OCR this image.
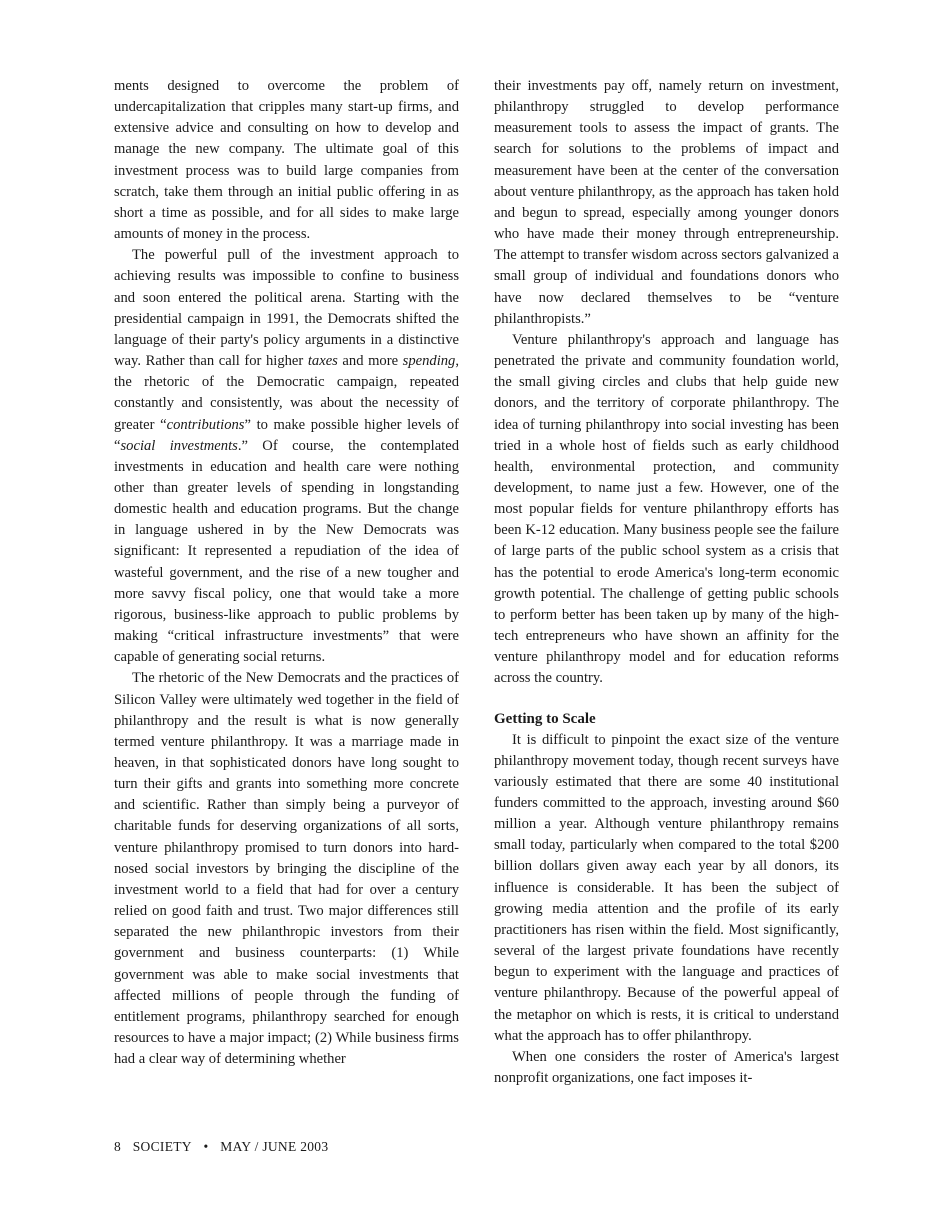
ments designed to overcome the problem of undercapitalization that cripples many start-up firms, and extensive advice and consulting on how to develop and manage the new company. The ultimate goal of this investment process was to build large companies from scratch, take them through an initial public offering in as short a time as possible, and for all sides to make large amounts of money in the process.

The powerful pull of the investment approach to achieving results was impossible to confine to business and soon entered the political arena. Starting with the presidential campaign in 1991, the Democrats shifted the language of their party's policy arguments in a distinctive way. Rather than call for higher taxes and more spending, the rhetoric of the Democratic campaign, repeated constantly and consistently, was about the necessity of greater “contributions” to make possible higher levels of “social investments.” Of course, the contemplated investments in education and health care were nothing other than greater levels of spending in longstanding domestic health and education programs. But the change in language ushered in by the New Democrats was significant: It represented a repudiation of the idea of wasteful government, and the rise of a new tougher and more savvy fiscal policy, one that would take a more rigorous, business-like approach to public problems by making “critical infrastructure investments” that were capable of generating social returns.

The rhetoric of the New Democrats and the practices of Silicon Valley were ultimately wed together in the field of philanthropy and the result is what is now generally termed venture philanthropy. It was a marriage made in heaven, in that sophisticated donors have long sought to turn their gifts and grants into something more concrete and scientific. Rather than simply being a purveyor of charitable funds for deserving organizations of all sorts, venture philanthropy promised to turn donors into hard-nosed social investors by bringing the discipline of the investment world to a field that had for over a century relied on good faith and trust. Two major differences still separated the new philanthropic investors from their government and business counterparts: (1) While government was able to make social investments that affected millions of people through the funding of entitlement programs, philanthropy searched for enough resources to have a major impact; (2) While business firms had a clear way of determining whether

their investments pay off, namely return on investment, philanthropy struggled to develop performance measurement tools to assess the impact of grants. The search for solutions to the problems of impact and measurement have been at the center of the conversation about venture philanthropy, as the approach has taken hold and begun to spread, especially among younger donors who have made their money through entrepreneurship. The attempt to transfer wisdom across sectors galvanized a small group of individual and foundations donors who have now declared themselves to be “venture philanthropists.”

Venture philanthropy's approach and language has penetrated the private and community foundation world, the small giving circles and clubs that help guide new donors, and the territory of corporate philanthropy. The idea of turning philanthropy into social investing has been tried in a whole host of fields such as early childhood health, environmental protection, and community development, to name just a few. However, one of the most popular fields for venture philanthropy efforts has been K-12 education. Many business people see the failure of large parts of the public school system as a crisis that has the potential to erode America's long-term economic growth potential. The challenge of getting public schools to perform better has been taken up by many of the high-tech entrepreneurs who have shown an affinity for the venture philanthropy model and for education reforms across the country.

Getting to Scale

It is difficult to pinpoint the exact size of the venture philanthropy movement today, though recent surveys have variously estimated that there are some 40 institutional funders committed to the approach, investing around $60 million a year. Although venture philanthropy remains small today, particularly when compared to the total $200 billion dollars given away each year by all donors, its influence is considerable. It has been the subject of growing media attention and the profile of its early practitioners has risen within the field. Most significantly, several of the largest private foundations have recently begun to experiment with the language and practices of venture philanthropy. Because of the powerful appeal of the metaphor on which is rests, it is critical to understand what the approach has to offer philanthropy.

When one considers the roster of America's largest nonprofit organizations, one fact imposes it-

8 SOCIETY • MAY / JUNE 2003
